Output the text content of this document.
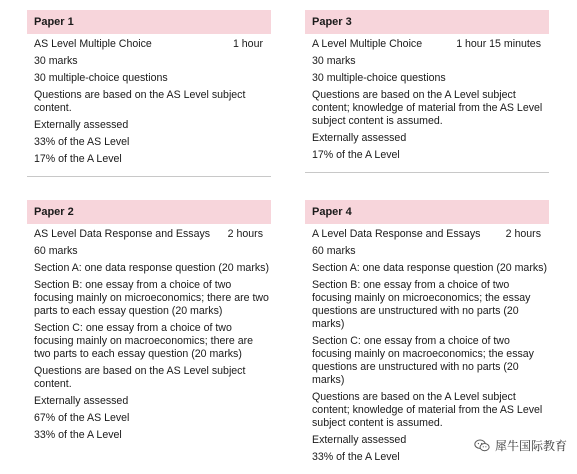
Paper 1
AS Level Multiple Choice	1 hour
30 marks
30 multiple-choice questions
Questions are based on the AS Level subject content.
Externally assessed
33% of the AS Level
17% of the A Level
Paper 3
A Level Multiple Choice	1 hour 15 minutes
30 marks
30 multiple-choice questions
Questions are based on the A Level subject content; knowledge of material from the AS Level subject content is assumed.
Externally assessed
17% of the A Level
Paper 2
AS Level Data Response and Essays 2 hours
60 marks
Section A: one data response question (20 marks)
Section B: one essay from a choice of two focusing mainly on microeconomics; there are two parts to each essay question (20 marks)
Section C: one essay from a choice of two focusing mainly on macroeconomics; there are two parts to each essay question (20 marks)
Questions are based on the AS Level subject content.
Externally assessed
67% of the AS Level
33% of the A Level
Paper 4
A Level Data Response and Essays 2 hours
60 marks
Section A: one data response question (20 marks)
Section B: one essay from a choice of two focusing mainly on microeconomics; the essay questions are unstructured with no parts (20 marks)
Section C: one essay from a choice of two focusing mainly on macroeconomics; the essay questions are unstructured with no parts (20 marks)
Questions are based on the A Level subject content; knowledge of material from the AS Level subject content is assumed.
Externally assessed
33% of the A Level
犀牛国际教育
